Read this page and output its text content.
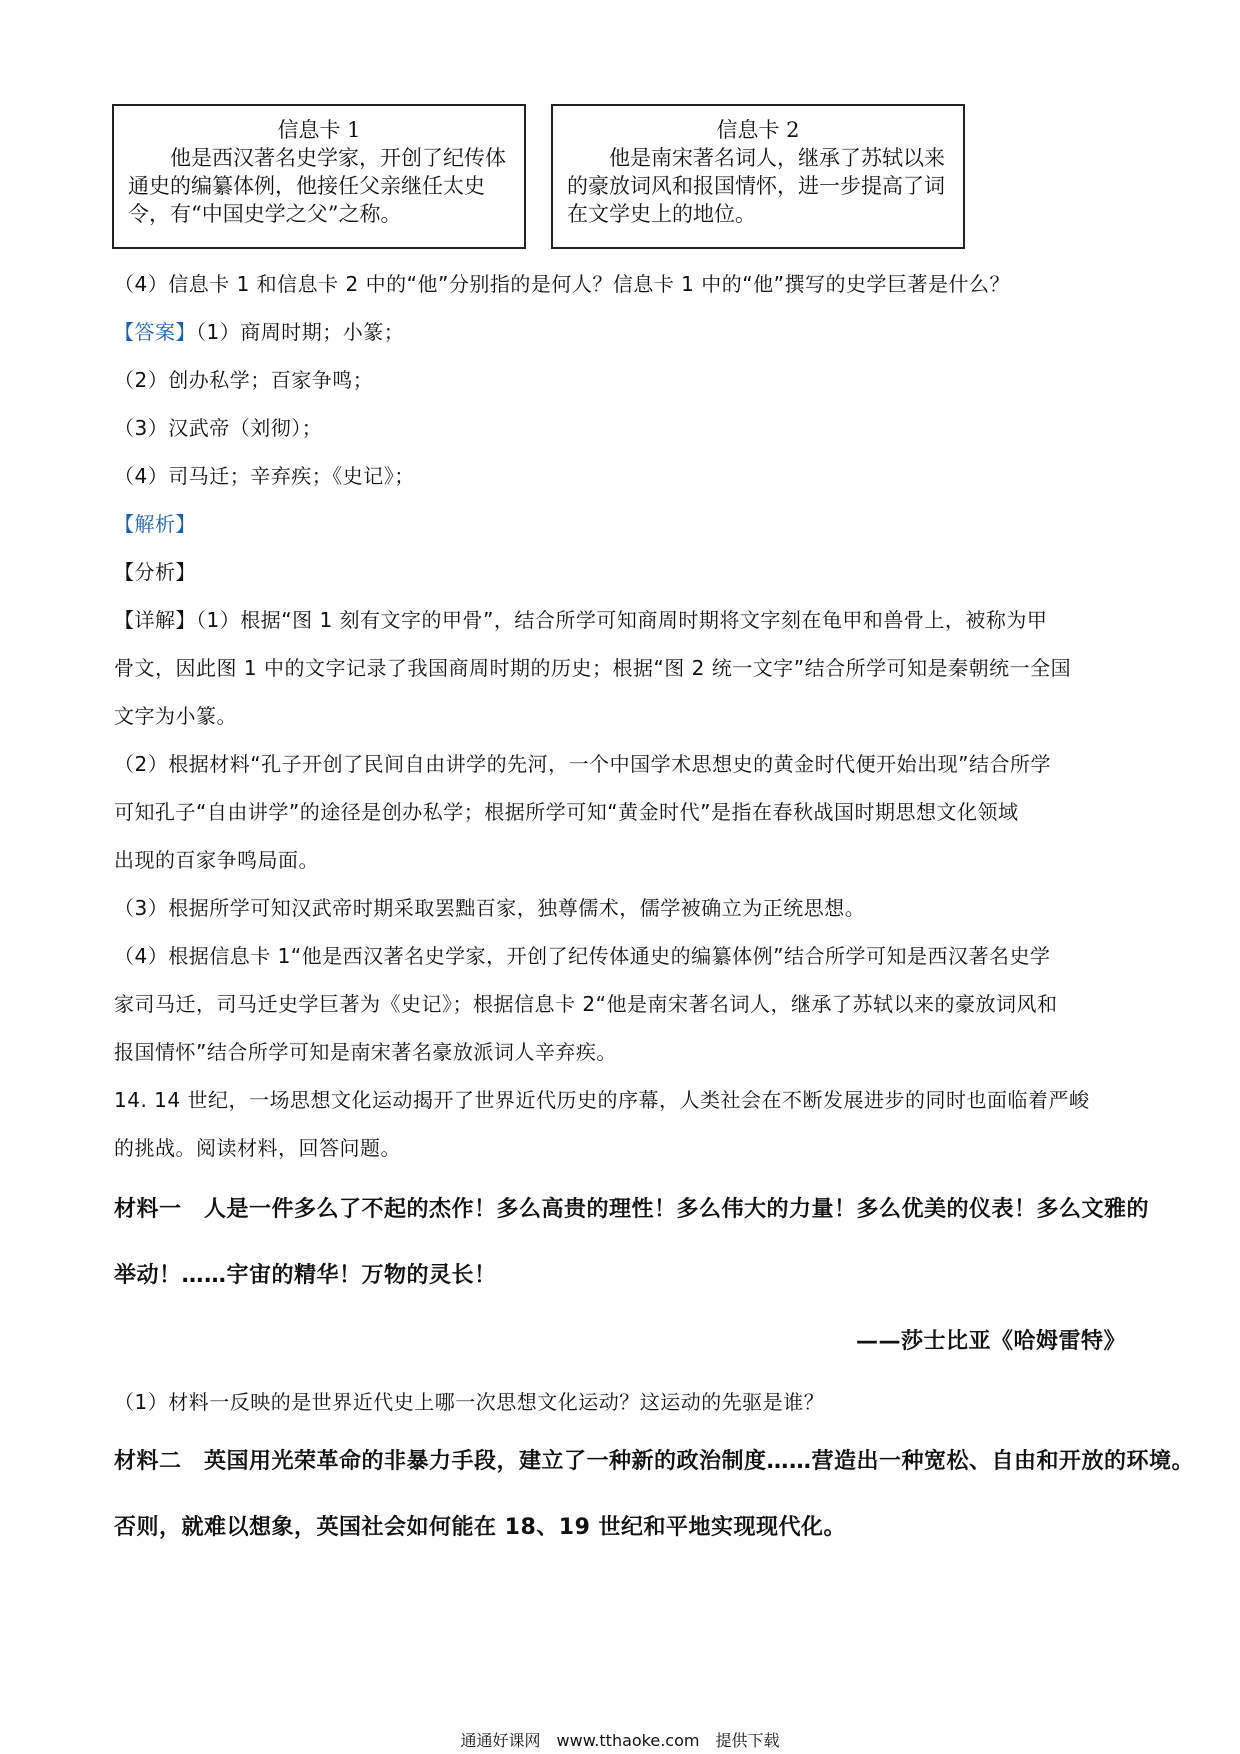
信息卡 1
他是西汉著名史学家，开创了纪传体通史的编纂体例，他接任父亲继任太史令，有“中国史学之父”之称。
信息卡 2
他是南宋著名词人，继承了苏轼以来的豪放词风和报国情怀，进一步提高了词在文学史上的地位。
（4）信息卡 1 和信息卡 2 中的“他”分别指的是何人？信息卡 1 中的“他”撰写的史学巨著是什么？
【答案】（1）商周时期；小篆；
（2）创办私学；百家争鸣；
（3）汉武帝（刘彻）；
（4）司马迁；辛弃疾；《史记》；
【解析】
【分析】
【详解】（1）根据“图 1 刻有文字的甲骨”，结合所学可知商周时期将文字刻在龟甲和兽骨上，被称为甲
骨文，因此图 1 中的文字记录了我国商周时期的历史；根据“图 2 统一文字”结合所学可知是秦朝统一全国
文字为小篆。
（2）根据材料“孔子开创了民间自由讲学的先河，一个中国学术思想史的黄金时代便开始出现”结合所学
可知孔子“自由讲学”的途径是创办私学；根据所学可知“黄金时代”是指在春秋战国时期思想文化领域
出现的百家争鸣局面。
（3）根据所学可知汉武帝时期采取罢黜百家，独尊儒术，儒学被确立为正统思想。
（4）根据信息卡 1“他是西汉著名史学家，开创了纪传体通史的编纂体例”结合所学可知是西汉著名史学
家司马迁，司马迁史学巨著为《史记》；根据信息卡 2“他是南宋著名词人，继承了苏轼以来的豪放词风和
报国情怀”结合所学可知是南宋著名豪放派词人辛弃疾。
14. 14 世纪，一场思想文化运动揭开了世界近代历史的序幕，人类社会在不断发展进步的同时也面临着严峻
的挑战。阅读材料，回答问题。
材料一　人是一件多么了不起的杰作！多么高贵的理性！多么伟大的力量！多么优美的仪表！多么文雅的
举动！……宇宙的精华！万物的灵长！
——莎士比亚《哈姆雷特》
（1）材料一反映的是世界近代史上哪一次思想文化运动？这运动的先驱是谁？
材料二　英国用光荣革命的非暴力手段，建立了一种新的政治制度……营造出一种宽松、自由和开放的环境。
否则，就难以想象，英国社会如何能在 18、19 世纪和平地实现现代化。
通通好课网　www.tthaoke.com　提供下载
